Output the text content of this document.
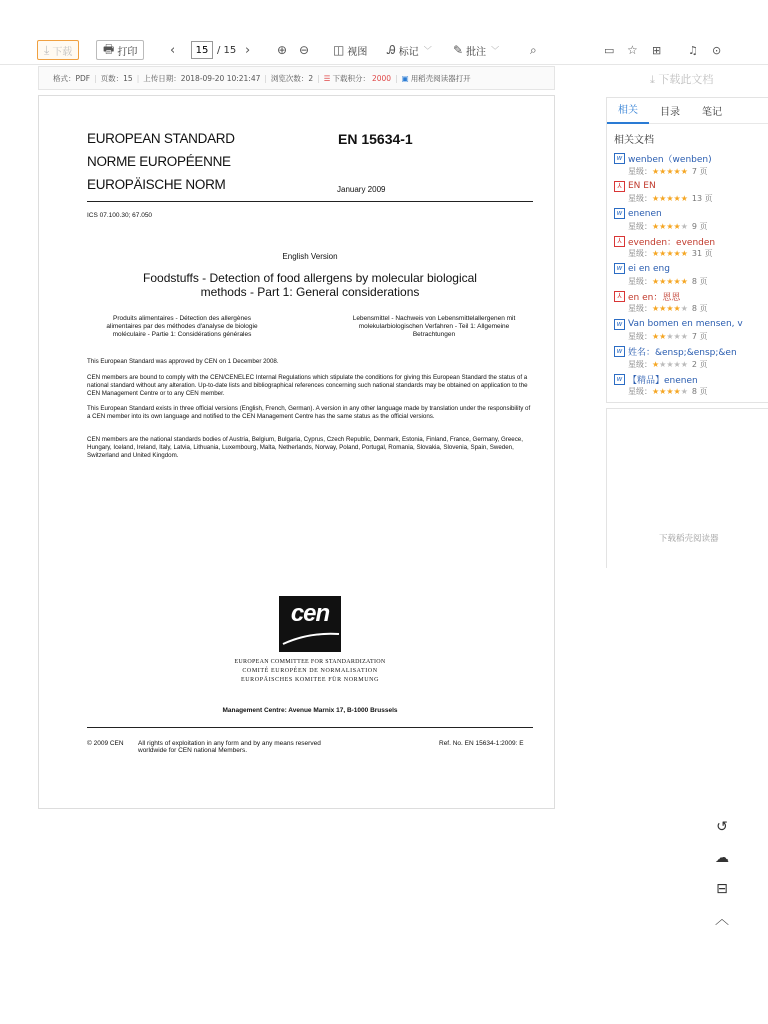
⤓ 下载	🖶 打印	‹
15	/ 15 › ⊕ ⊖ ◫ 视图 Ꭿ 标记 ﹀ ✎ 批注 ﹀	⌕	▭ ☆ ⊞ ♫ ⊙
格式：PDF | 页数：15 | 上传日期：2018-09-20 10:21:47 | 浏览次数：2 | ☰ 下载积分： 2000 | ▣ 用稻壳阅读器打开	⤓ 下载此文档
EUROPEAN STANDARD
NORME EUROPÉENNE
EUROPÄISCHE NORM
EN 15634-1
January 2009
ICS 07.100.30; 67.050
English Version
Foodstuffs - Detection of food allergens by molecular biological
methods - Part 1: General considerations
Produits alimentaires - Détection des allergènes
alimentaires par des méthodes d'analyse de biologie
moléculaire - Partie 1: Considérations générales
Lebensmittel - Nachweis von Lebensmittelallergenen mit
molekularbiologischen Verfahren - Teil 1: Allgemeine
Betrachtungen
This European Standard was approved by CEN on 1 December 2008.
CEN members are bound to comply with the CEN/CENELEC Internal Regulations which stipulate the conditions for giving this European Standard the status of a national standard without any alteration. Up-to-date lists and bibliographical references concerning such national standards may be obtained on application to the CEN Management Centre or to any CEN member.
This European Standard exists in three official versions (English, French, German). A version in any other language made by translation under the responsibility of a CEN member into its own language and notified to the CEN Management Centre has the same status as the official versions.
CEN members are the national standards bodies of Austria, Belgium, Bulgaria, Cyprus, Czech Republic, Denmark, Estonia, Finland, France, Germany, Greece, Hungary, Iceland, Ireland, Italy, Latvia, Lithuania, Luxembourg, Malta, Netherlands, Norway, Poland, Portugal, Romania, Slovakia, Slovenia, Spain, Sweden, Switzerland and United Kingdom.
cen
EUROPEAN COMMITTEE FOR STANDARDIZATION
COMITÉ EUROPÉEN DE NORMALISATION
EUROPÄISCHES KOMITEE FÜR NORMUNG
Management Centre: Avenue Marnix 17, B-1000 Brussels
© 2009 CEN All rights of exploitation in any form and by any means reserved
worldwide for CEN national Members.
Ref. No. EN 15634-1:2009: E
相关	目录	笔记
相关文档
w wenben（wenben)
星级： ★ ★ ★ ★ ★ 7 页
⅄ EN EN
星级： ★ ★ ★ ★ ★ 13 页
w enenen
星级： ★ ★ ★ ★ ★ 9 页
⅄ evenden：evenden
星级： ★ ★ ★ ★ ★ 31 页
w ei en eng
星级： ★ ★ ★ ★ ★ 8 页
⅄ en en：恩恩
星级： ★ ★ ★ ★ ★ 8 页
w Van bomen en mensen, v
星级： ★ ★ ★ ★ ★ 7 页
w 姓名：&ensp;&ensp;&en
星级： ★ ★ ★ ★ ★ 2 页
w 【精品】enenen
星级： ★ ★ ★ ★ ★ 8 页
下载稻壳阅读器
↺
☁
⊟
︿
